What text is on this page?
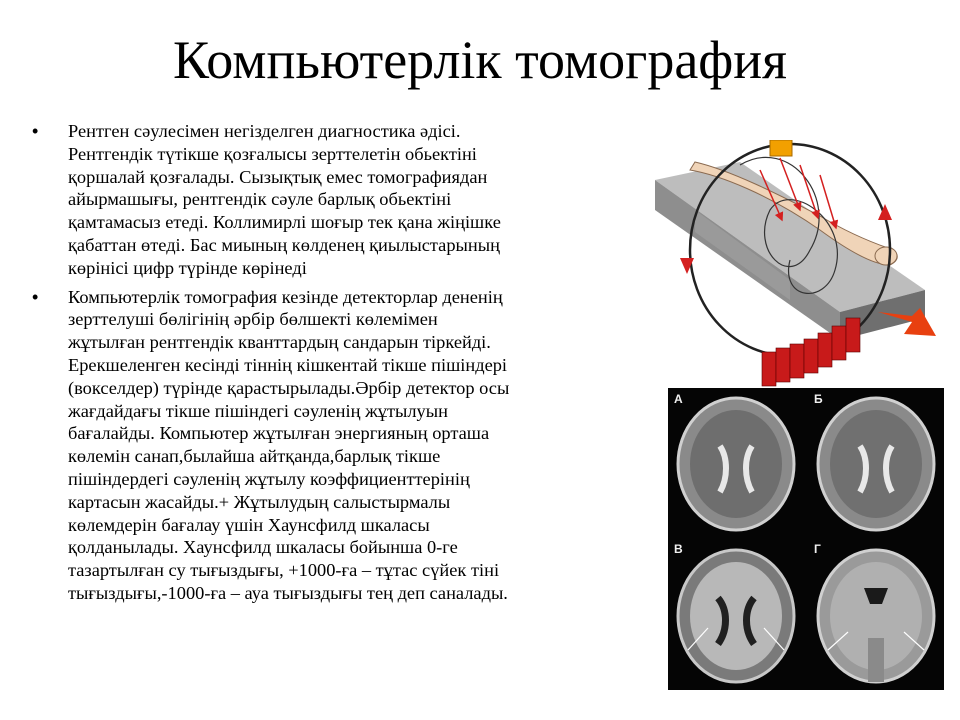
Компьютерлік томография
• Рентген сәулесімен негізделген диагностика әдісі.
Рентгендік түтікше қозғалысы зерттелетін обьектіні
қоршалай қозғалады. Сызықтық емес томографиядан
айырмашығы, рентгендік сәуле барлық обьектіні
қамтамасыз етеді. Коллимирлі шоғыр тек қана жіңішке
қабаттан өтеді. Бас миының көлденең қиылыстарының
көрінісі цифр түрінде көрінеді
• Компьютерлік томография кезінде детекторлар дененің
зерттелуші бөлігінің әрбір бөлшекті көлемімен
жұтылған рентгендік кванттардың сандарын тіркейді.
Ерекшеленген кесінді тіннің кішкентай тікше пішіндері
(вокселдер) түрінде қарастырылады.Әрбір детектор осы
жағдайдағы тікше пішіндегі сәуленің жұтылуын
бағалайды. Компьютер жұтылған энергияның орташа
көлемін санап,былайша айтқанда,барлық тікше
пішіндердегі сәуленің жұтылу коэффициенттерінің
картасын жасайды.+ Жұтылудың салыстырмалы
көлемдерін бағалау үшін Хаунсфилд шкаласы
қолданылады. Хаунсфилд шкаласы бойынша 0-ге
тазартылған су тығыздығы, +1000-ға – тұтас сүйек тіні
тығыздығы,-1000-ға – ауа тығыздығы тең деп саналады.
А	Б
В	Г
